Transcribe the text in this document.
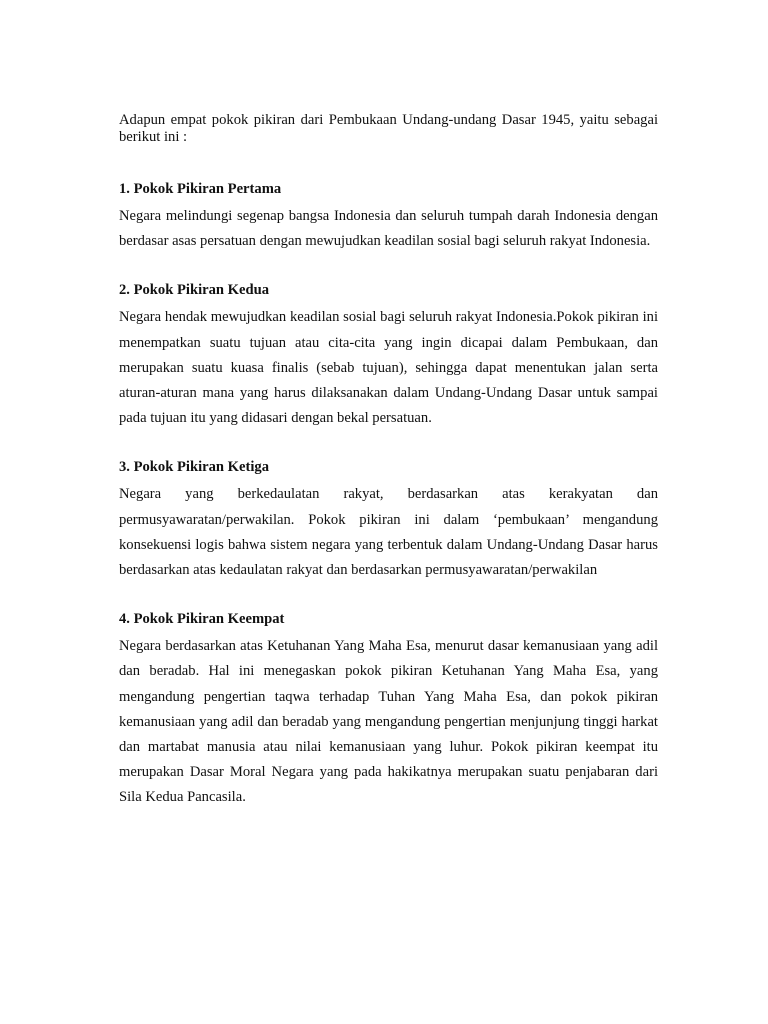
Adapun empat pokok pikiran dari Pembukaan Undang-undang Dasar 1945, yaitu sebagai berikut ini :

1. Pokok Pikiran Pertama

Negara melindungi segenap bangsa Indonesia dan seluruh tumpah darah Indonesia dengan berdasar asas persatuan dengan mewujudkan keadilan sosial bagi seluruh rakyat Indonesia.

2. Pokok Pikiran Kedua

Negara hendak mewujudkan keadilan sosial bagi seluruh rakyat Indonesia.Pokok pikiran ini menempatkan suatu tujuan atau cita-cita yang ingin dicapai dalam Pembukaan, dan merupakan suatu kuasa finalis (sebab tujuan), sehingga dapat menentukan jalan serta aturan-aturan mana yang harus dilaksanakan dalam Undang-Undang Dasar untuk sampai pada tujuan itu yang didasari dengan bekal persatuan.

3. Pokok Pikiran Ketiga

Negara yang berkedaulatan rakyat, berdasarkan atas kerakyatan dan permusyawaratan/perwakilan. Pokok pikiran ini dalam ‘pembukaan’ mengandung konsekuensi logis bahwa sistem negara yang terbentuk dalam Undang-Undang Dasar harus berdasarkan atas kedaulatan rakyat dan berdasarkan permusyawaratan/perwakilan

4. Pokok Pikiran Keempat

Negara berdasarkan atas Ketuhanan Yang Maha Esa, menurut dasar kemanusiaan yang adil dan beradab. Hal ini menegaskan pokok pikiran Ketuhanan Yang Maha Esa, yang mengandung pengertian taqwa terhadap Tuhan Yang Maha Esa, dan pokok pikiran kemanusiaan yang adil dan beradab yang mengandung pengertian menjunjung tinggi harkat dan martabat manusia atau nilai kemanusiaan yang luhur. Pokok pikiran keempat itu merupakan Dasar Moral Negara yang pada hakikatnya merupakan suatu penjabaran dari Sila Kedua Pancasila.
